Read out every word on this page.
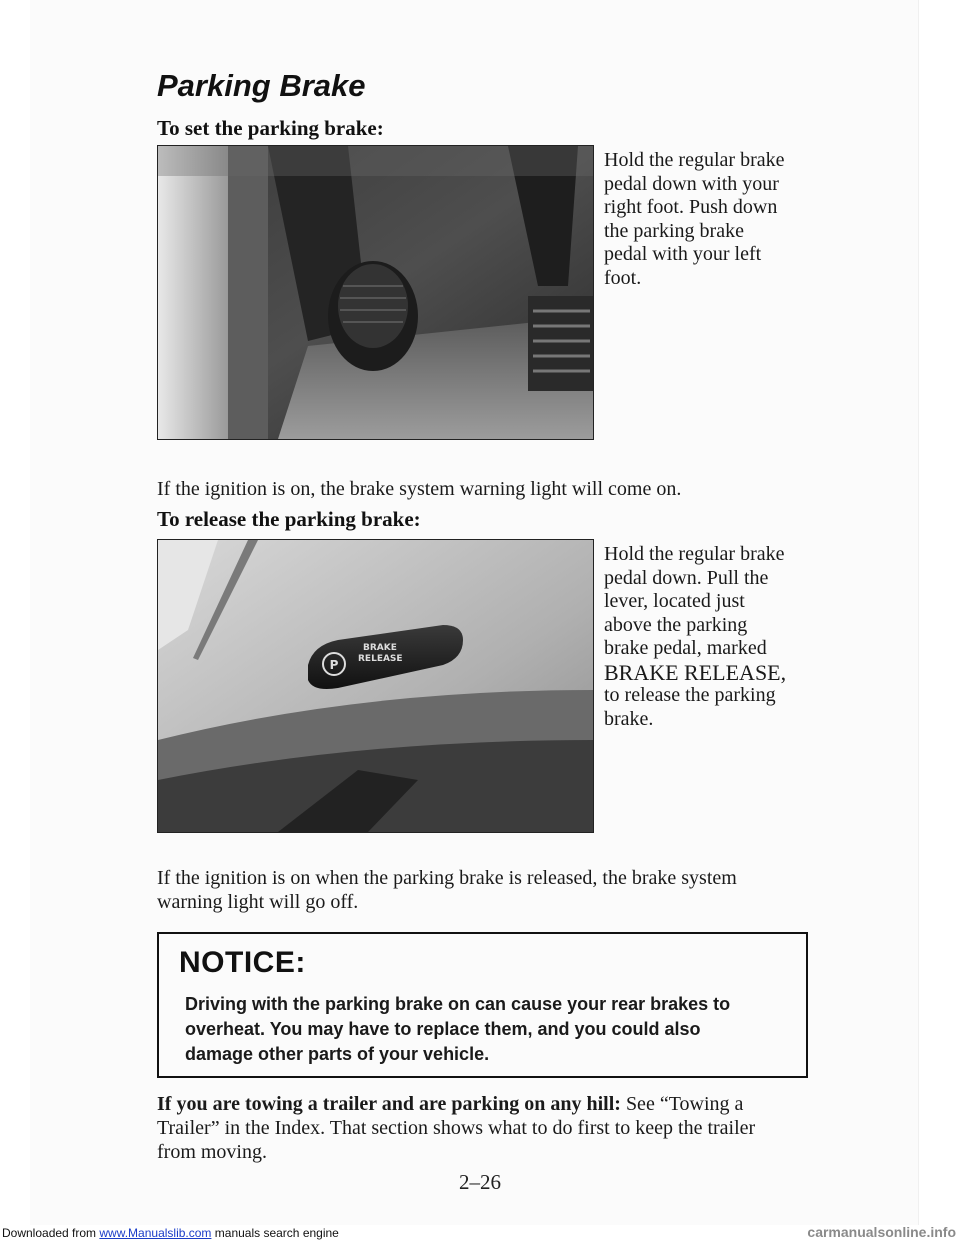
Parking Brake
To set the parking brake:
Hold the regular brake
pedal down with your
right foot. Push down
the parking brake
pedal with your left
foot.

If the ignition is on, the brake system warning light will come on.

To release the parking brake:
P
BRAKE
RELEASE
Hold the regular brake
pedal down. Pull the
lever, located just
above the parking
brake pedal, marked
BRAKE RELEASE,
to release the parking
brake.
If the ignition is on when the parking brake is released, the brake system
warning light will go off.
NOTICE:
Driving with the parking brake on can cause your rear brakes to
overheat. You may have to replace them, and you could also
damage other parts of your vehicle.
If you are towing a trailer and are parking on any hill: See “Towing a
Trailer” in the Index. That section shows what to do first to keep the trailer
from moving.
2–26
Downloaded from www.Manualslib.com manuals search engine	carmanualsonline.info
